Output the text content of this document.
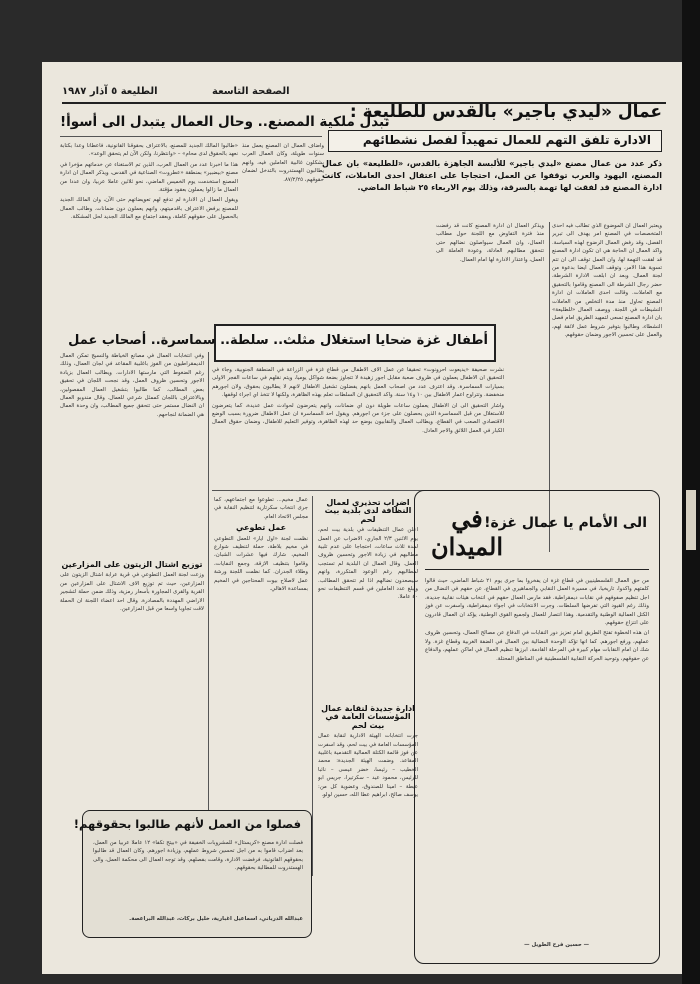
الطليعة ٥ آذار ١٩٨٧	الصفحة التاسعة
عمال «ليدي باجير» بالقدس للطليعة :
الادارة تلفق التهم للعمال تمهيداً لفصل نشطائهم
ذكر عدد من عمال مصنع «ليدي باجير» للألبسة الجاهزة بالقدس، «للطليعة» بان عمال المصنع، اليهود والعرب توقفوا عن العمل، احتجاجا على اعتقال احدى العاملات، كانت ادارة المصنع قد لفقت لها تهمة بالسرقة، وذلك يوم الاربعاء ٢٥ شباط الماضي.
ويعتبر العمال ان الموضوع الذي تطالب فيه احدى المتخصصات في المصنع امر يهدف الى تبرير الفصل، وقد رفض العمال الرضوخ لهذه السياسة. واكد العمال ان الحاجة هي ان تكون ادارة المصنع قد لفقت التهمة لها، وان العمل توقف الى ان تتم تسوية هذا الامر، وتوقف العمال ايضا بدعوة من لجنة العمال. وبعد ان ابلغت الادارة الشرطة، حضر رجال الشرطة الى المصنع وقاموا بالتحقيق مع العاملات. وقالت احدى العاملات ان ادارة المصنع تحاول منذ مدة التخلص من العاملات النشيطات في اللجنة. ووصف العمال «للطليعة» بان ادارة المصنع تسعى لتمهيد الطريق امام فصل النشطاء، وطالبوا بتوفير شروط عمل لائقة لهم، والعمل على تحسين الاجور وضمان حقوقهم.
ويذكر العمال ان ادارة المصنع كانت قد رفضت منذ فترة التفاوض مع اللجنة حول مطالب العمال، وان العمال سيواصلون نضالهم حتى تتحقق مطالبهم العادلة، وعودة العاملة الى العمل، واعتذار الادارة لها امام العمال.
تبدل ملكية المصنع.. وحال العمال يتبدل الى أسوأ!

«طالبوا المالك الجديد للمصنع، بالاعتراف بحقوقنا القانونية، فاعطانا وعدا بكتابة نعهد بالحقوق لدى محام» – «وانتظرنا، ولكن الآن لم يتحقق الوعد».

هذا ما اخبرنا عدد من العمال العرب، الذين تم الاستغناء عن خدماتهم مؤخرا في مصنع «بيضبير» بمنطقة «عطروت» الصناعية في القدس، ويذكر العمال ان ادارة المصنع استخدمت يوم الخميس الماضي، نحو ثلاثين عاملا عربيا، وان عددا من العمال ما زالوا يعملون بعقود مؤقتة.

ويقول العمال ان الادارة لم تدفع لهم تعويضاتهم حتى الآن، وان المالك الجديد للمصنع يرفض الاعتراف باقدميتهم، وانهم يعملون دون ضمانات. وطالب العمال بالحصول على حقوقهم كاملة، وبعقد اجتماع مع المالك الجديد لحل المشكلة.

واضاف العمال ان المصنع يعمل منذ سنوات طويلة، وكان العمال العرب يشكلون غالبية العاملين فيه، وانهم يطالبون الهستدروت بالتدخل لضمان حقوقهم، ٨٧/٢/٢٥.
أطفال غزة ضحايا استغلال مثلث.. سلطة.. سماسرة.. أصحاب عمل

نشرت صحيفة «يديعوت احرونوت» تحقيقا عن عمل الاف الاطفال من قطاع غزة في الزراعة في المنطقة الجنوبية، وجاء في التحقيق ان الاطفال يعملون في ظروف صعبة مقابل اجور زهيدة لا تتجاوز بضعة شواكل يوميا، ويتم نقلهم في ساعات الفجر الاولى بسيارات السماسرة. وقد اعترف عدد من اصحاب العمل بانهم يفضلون تشغيل الاطفال لانهم لا يطالبون بحقوق، ولان اجورهم منخفضة. وتتراوح اعمار الاطفال بين ١٠ و١٤ سنة. واكد التحقيق ان السلطات تعلم بهذه الظاهرة، ولكنها لا تتخذ اي اجراء لوقفها.

واشار التحقيق الى ان الاطفال يعملون ساعات طويلة دون اي ضمانات، وانهم يتعرضون لحوادث عمل عديدة، كما يتعرضون للاستغلال من قبل السماسرة الذين يحصلون على جزء من اجورهم. ويقول احد السماسرة ان عمل الاطفال ضرورة بسبب الوضع الاقتصادي الصعب في القطاع. ويطالب العمال والنقابيون بوضع حد لهذه الظاهرة، وتوفير التعليم للاطفال، وضمان حقوق العمال الكبار في العمل اللائق والاجر العادل.

وفي انتخابات العمال في مصانع الخياطة والنسيج تمكن العمال الديمقراطيون من الفوز باغلبية المقاعد في لجان العمال، وذلك رغم الضغوط التي مارستها الادارات. ويطالب العمال بزيادة الاجور وتحسين ظروف العمل، وقد نجحت اللجان في تحقيق بعض المطالب. كما طالبوا بتشغيل العمال المفصولين، وبالاعتراف باللجان كممثل شرعي للعمال. وقال مندوبو العمال ان النضال مستمر حتى تتحقق جميع المطالب، وان وحدة العمال هي الضمانة لنجاحهم.
توزيع اشتال الزيتون على المزارعين

وزعت لجنة العمل التطوعي في قرية عرابة اشتال الزيتون على المزارعين، حيث تم توزيع الاف الاشتال على المزارعين من القرية والقرى المجاورة بأسعار رمزية، وذلك ضمن حملة لتشجير الاراضي المهددة بالمصادرة. وقال احد اعضاء اللجنة ان الحملة لاقت تجاوبا واسعا من قبل المزارعين.

عمال مخيم... تطوعوا مع اجتماعهم، كما جرى انتخاب سكرتارية لتنظيم النقابة في مجلس الاتحاد العام.

عمل تطوعي

نظمت لجنة «اول ايار» للعمل التطوعي في مخيم بلاطة، حملة لتنظيف شوارع المخيم، شارك فيها عشرات الشبان، وقاموا بتنظيف الازقة، وجمع النفايات، وطلاء الجدران. كما نظمت اللجنة ورشة عمل لاصلاح بيوت المحتاجين في المخيم بمساعدة الاهالي.

اضراب تحذيري لعمال النظافة لدى بلدية بيت لحم

اعلن عمال التنظيفات في بلدية بيت لحم، يوم الاثنين ٢/٣ الجاري، الاضراب عن العمل لمدة ثلاث ساعات، احتجاجا على عدم تلبية مطالبهم في زيادة الاجور وتحسين ظروف العمل. وقال العمال ان البلدية لم تستجب لمطالبهم رغم الوعود المتكررة، وانهم سيصعدون نضالهم اذا لم تتحقق المطالب. ويبلغ عدد العاملين في قسم التنظيفات نحو ٤٠ عاملا.

ادارة جديدة لنقابة عمال المؤسسات العامة في بيت لحم

جرت انتخابات الهيئة الادارية لنقابة عمال المؤسسات العامة في بيت لحم، وقد اسفرت عن فوز قائمة الكتلة العمالية التقدمية باغلبية المقاعد. وضمت الهيئة الجديدة: محمد الخطيب – رئيسا، خضر عيسى – نائبا للرئيس، محمود عيد – سكرتيرا، جريس ابو عيطة – امينا للصندوق، وعضوية كل من: يوسف صالح، ابراهيم عطا الله، حسين لولو.

فصلوا من العمل لأنهم طالبوا بحقوقهم!
فصلت ادارة مصنع «كريستال» للمشروبات الخفيفة في «بيتح تكفا» ١٢ عاملا عربيا من العمل، بعد اضراب قاموا به من اجل تحسين شروط عملهم، وزيادة اجورهم. وكان العمال قد طالبوا بحقوقهم القانونية، فرفضت الادارة، وقامت بفصلهم. وقد توجه العمال الى محكمة العمل، والى الهستدروت للمطالبة بحقوقهم.
عبدالله الدرباني، اسماعيل اغبارية، خليل بركات، عبدالله البراعصة.
في الميدان
الى الأمام يا عمال غزة!

من حق العمال الفلسطينيين في قطاع غزة ان يفخروا بما جرى يوم ٢١ شباط الماضي، حيث قالوا كلمتهم واكدوا، تاريخيا، في مسيرة العمل النقابي والجماهيري في القطاع، عن حقهم في النضال من اجل تنظيم صفوفهم في نقابات ديمقراطية. فقد مارس العمال حقهم في انتخاب هيئات نقابية جديدة، وذلك رغم القيود التي تفرضها السلطات. وجرت الانتخابات في اجواء ديمقراطية، واسفرت عن فوز الكتل العمالية الوطنية والتقدمية. وهذا انتصار للعمال ولجميع القوى الوطنية، يؤكد ان العمال قادرون على انتزاع حقوقهم.

ان هذه الخطوة تفتح الطريق امام تعزيز دور النقابات في الدفاع عن مصالح العمال، وتحسين ظروف عملهم، ورفع اجورهم. كما انها تؤكد الوحدة النضالية بين العمال في الضفة الغربية وقطاع غزة. ولا شك ان امام النقابات مهام كبيرة في المرحلة القادمة، ابرزها تنظيم العمال في اماكن عملهم، والدفاع عن حقوقهم، وتوحيد الحركة النقابية الفلسطينية في المناطق المحتلة.

— حسين فرح الطويل —
